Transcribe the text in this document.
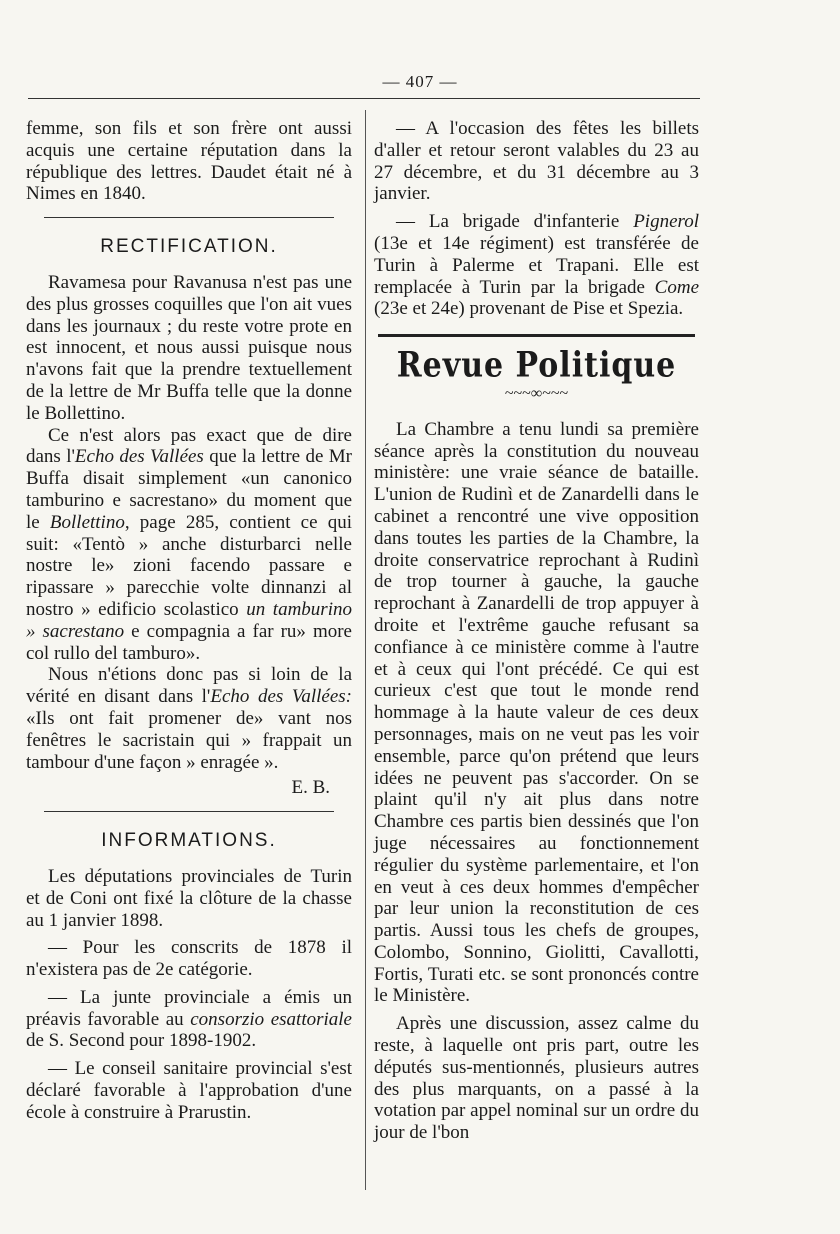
— 407 —

femme, son fils et son frère ont aussi acquis une certaine réputation dans la république des lettres. Daudet était né à Nimes en 1840.

RECTIFICATION.

Ravamesa pour Ravanusa n'est pas une des plus grosses coquilles que l'on ait vues dans les journaux ; du reste votre prote en est innocent, et nous aussi puisque nous n'avons fait que la prendre textuellement de la lettre de Mr Buffa telle que la donne le Bollettino.

Ce n'est alors pas exact que de dire dans l'Echo des Vallées que la lettre de Mr Buffa disait simplement «un canonico tamburino e sacrestano» du moment que le Bollettino, page 285, contient ce qui suit: «Tentò » anche disturbarci nelle nostre le» zioni facendo passare e ripassare » parecchie volte dinnanzi al nostro » edificio scolastico un tamburino » sacrestano e compagnia a far ru» more col rullo del tamburo».

Nous n'étions donc pas si loin de la vérité en disant dans l'Echo des Vallées: «Ils ont fait promener de» vant nos fenêtres le sacristain qui » frappait un tambour d'une façon » enragée ».

E. B.
INFORMATIONS.

Les députations provinciales de Turin et de Coni ont fixé la clôture de la chasse au 1 janvier 1898.

— Pour les conscrits de 1878 il n'existera pas de 2e catégorie.

— La junte provinciale a émis un préavis favorable au consorzio esattoriale de S. Second pour 1898-1902.

— Le conseil sanitaire provincial s'est déclaré favorable à l'approbation d'une école à construire à Prarustin.

— A l'occasion des fêtes les billets d'aller et retour seront valables du 23 au 27 décembre, et du 31 décembre au 3 janvier.

— La brigade d'infanterie Pignerol (13e et 14e régiment) est transférée de Turin à Palerme et Trapani. Elle est remplacée à Turin par la brigade Come (23e et 24e) provenant de Pise et Spezia.

Revue Politique
~~~∞~~~

La Chambre a tenu lundi sa première séance après la constitution du nouveau ministère: une vraie séance de bataille. L'union de Rudinì et de Zanardelli dans le cabinet a rencontré une vive opposition dans toutes les parties de la Chambre, la droite conservatrice reprochant à Rudinì de trop tourner à gauche, la gauche reprochant à Zanardelli de trop appuyer à droite et l'extrême gauche refusant sa confiance à ce ministère comme à l'autre et à ceux qui l'ont précédé. Ce qui est curieux c'est que tout le monde rend hommage à la haute valeur de ces deux personnages, mais on ne veut pas les voir ensemble, parce qu'on prétend que leurs idées ne peuvent pas s'accorder. On se plaint qu'il n'y ait plus dans notre Chambre ces partis bien dessinés que l'on juge nécessaires au fonctionnement régulier du système parlementaire, et l'on en veut à ces deux hommes d'empêcher par leur union la reconstitution de ces partis. Aussi tous les chefs de groupes, Colombo, Sonnino, Giolitti, Cavallotti, Fortis, Turati etc. se sont prononcés contre le Ministère.

Après une discussion, assez calme du reste, à laquelle ont pris part, outre les députés sus-mentionnés, plusieurs autres des plus marquants, on a passé à la votation par appel nominal sur un ordre du jour de l'bon
